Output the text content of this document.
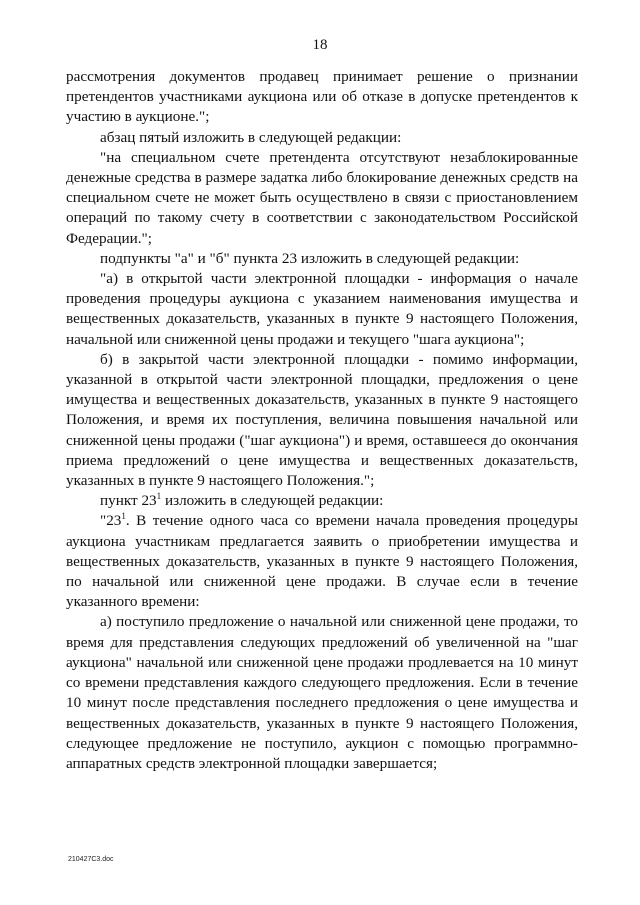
18

рассмотрения документов продавец принимает решение о признании претендентов участниками аукциона или об отказе в допуске претендентов к участию в аукционе.";

абзац пятый изложить в следующей редакции:

"на специальном счете претендента отсутствуют незаблокированные денежные средства в размере задатка либо блокирование денежных средств на специальном счете не может быть осуществлено в связи с приостановлением операций по такому счету в соответствии с законодательством Российской Федерации.";

подпункты "а" и "б" пункта 23 изложить в следующей редакции:

"а) в открытой части электронной площадки - информация о начале проведения процедуры аукциона с указанием наименования имущества и вещественных доказательств, указанных в пункте 9 настоящего Положения, начальной или сниженной цены продажи и текущего "шага аукциона";

б) в закрытой части электронной площадки - помимо информации, указанной в открытой части электронной площадки, предложения о цене имущества и вещественных доказательств, указанных в пункте 9 настоящего Положения, и время их поступления, величина повышения начальной или сниженной цены продажи ("шаг аукциона") и время, оставшееся до окончания приема предложений о цене имущества и вещественных доказательств, указанных в пункте 9 настоящего Положения.";

пункт $23^1$ изложить в следующей редакции:

"$23^1$. В течение одного часа со времени начала проведения процедуры аукциона участникам предлагается заявить о приобретении имущества и вещественных доказательств, указанных в пункте 9 настоящего Положения, по начальной или сниженной цене продажи. В случае если в течение указанного времени:

а) поступило предложение о начальной или сниженной цене продажи, то время для представления следующих предложений об увеличенной на "шаг аукциона" начальной или сниженной цене продажи продлевается на 10 минут со времени представления каждого следующего предложения. Если в течение 10 минут после представления последнего предложения о цене имущества и вещественных доказательств, указанных в пункте 9 настоящего Положения, следующее предложение не поступило, аукцион с помощью программно-аппаратных средств электронной площадки завершается;

210427С3.doc
